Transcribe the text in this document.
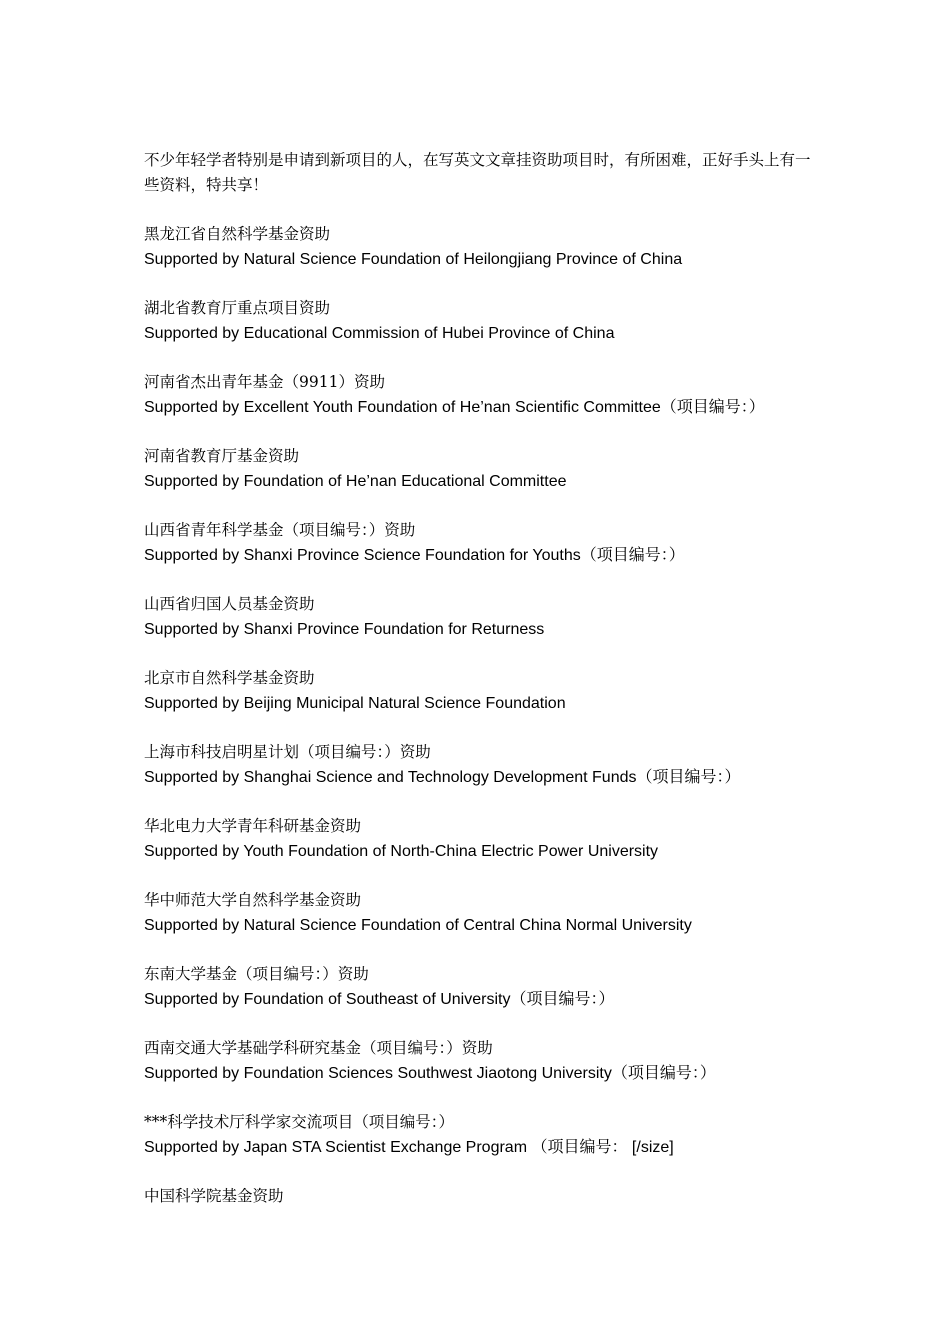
不少年轻学者特别是申请到新项目的人，在写英文文章挂资助项目时，有所困难，正好手头上有一些资料，特共享！

黑龙江省自然科学基金资助
Supported by Natural Science Foundation of Heilongjiang Province of China
湖北省教育厅重点项目资助
Supported by Educational Commission of Hubei Province of China
河南省杰出青年基金（9911）资助
Supported by Excellent Youth Foundation of He’nan Scientific Committee（项目编号：）
河南省教育厅基金资助
Supported by Foundation of He’nan Educational Committee
山西省青年科学基金（项目编号：）资助
Supported by Shanxi Province Science Foundation for Youths（项目编号：）
山西省归国人员基金资助
Supported by Shanxi Province Foundation for Returness
北京市自然科学基金资助
Supported by Beijing Municipal Natural Science Foundation
上海市科技启明星计划（项目编号：）资助
Supported by Shanghai Science and Technology Development Funds（项目编号：）
华北电力大学青年科研基金资助
Supported by Youth Foundation of North-China Electric Power University
华中师范大学自然科学基金资助
Supported by Natural Science Foundation of Central China Normal University
东南大学基金（项目编号：）资助
Supported by Foundation of Southeast of University（项目编号：）
西南交通大学基础学科研究基金（项目编号：）资助
Supported by Foundation Sciences Southwest Jiaotong University（项目编号：）
***科学技术厅科学家交流项目（项目编号：）
Supported by Japan STA Scientist Exchange Program （项目编号： [/size]
中国科学院基金资助
